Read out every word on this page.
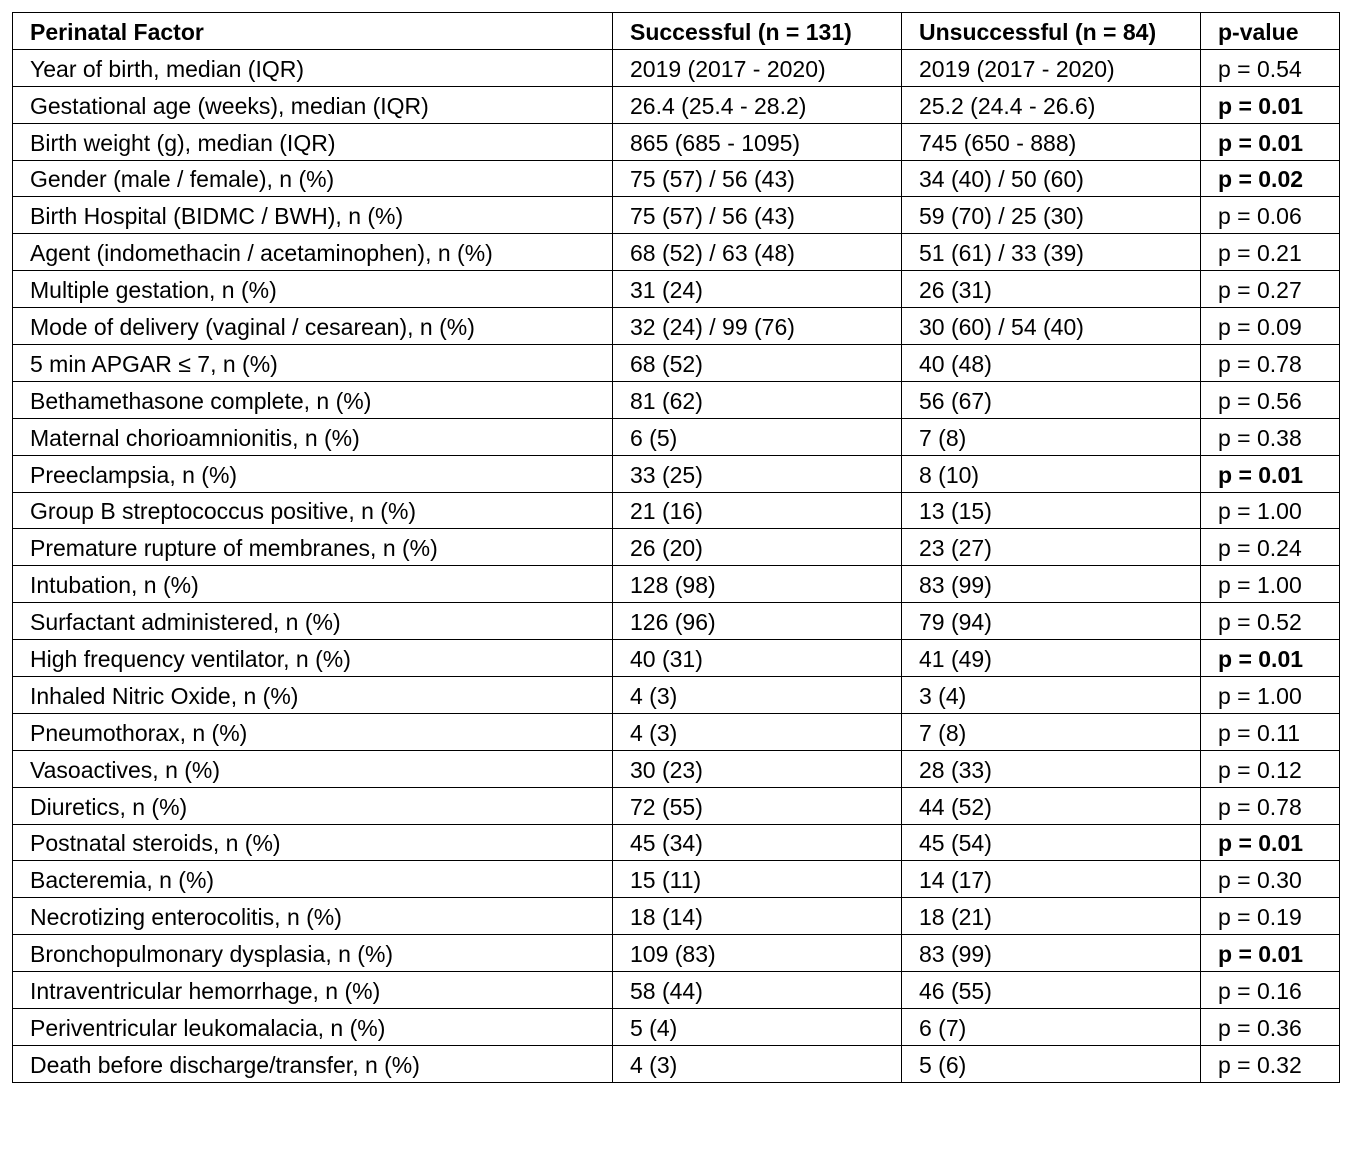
Perinatal Factor	Successful (n = 131)	Unsuccessful (n = 84)	p-value
Year of birth, median (IQR)	2019 (2017 - 2020)	2019 (2017 - 2020)	p = 0.54
Gestational age (weeks), median (IQR)	26.4 (25.4 - 28.2)	25.2 (24.4 - 26.6)	p = 0.01
Birth weight (g), median (IQR)	865 (685 - 1095)	745 (650 - 888)	p = 0.01
Gender (male / female), n (%)	75 (57) / 56 (43)	34 (40) / 50 (60)	p = 0.02
Birth Hospital (BIDMC / BWH), n (%)	75 (57) / 56 (43)	59 (70) / 25 (30)	p = 0.06
Agent (indomethacin / acetaminophen), n (%)	68 (52) / 63 (48)	51 (61) / 33 (39)	p = 0.21
Multiple gestation, n (%)	31 (24)	26 (31)	p = 0.27
Mode of delivery (vaginal / cesarean), n (%)	32 (24) / 99 (76)	30 (60) / 54 (40)	p = 0.09
5 min APGAR ≤ 7, n (%)	68 (52)	40 (48)	p = 0.78
Bethamethasone complete, n (%)	81 (62)	56 (67)	p = 0.56
Maternal chorioamnionitis, n (%)	6 (5)	7 (8)	p = 0.38
Preeclampsia, n (%)	33 (25)	8 (10)	p = 0.01
Group B streptococcus positive, n (%)	21 (16)	13 (15)	p = 1.00
Premature rupture of membranes, n (%)	26 (20)	23 (27)	p = 0.24
Intubation, n (%)	128 (98)	83 (99)	p = 1.00
Surfactant administered, n (%)	126 (96)	79 (94)	p = 0.52
High frequency ventilator, n (%)	40 (31)	41 (49)	p = 0.01
Inhaled Nitric Oxide, n (%)	4 (3)	3 (4)	p = 1.00
Pneumothorax, n (%)	4 (3)	7 (8)	p = 0.11
Vasoactives, n (%)	30 (23)	28 (33)	p = 0.12
Diuretics, n (%)	72 (55)	44 (52)	p = 0.78
Postnatal steroids, n (%)	45 (34)	45 (54)	p = 0.01
Bacteremia, n (%)	15 (11)	14 (17)	p = 0.30
Necrotizing enterocolitis, n (%)	18 (14)	18 (21)	p = 0.19
Bronchopulmonary dysplasia, n (%)	109 (83)	83 (99)	p = 0.01
Intraventricular hemorrhage, n (%)	58 (44)	46 (55)	p = 0.16
Periventricular leukomalacia, n (%)	5 (4)	6 (7)	p = 0.36
Death before discharge/transfer, n (%)	4 (3)	5 (6)	p = 0.32
